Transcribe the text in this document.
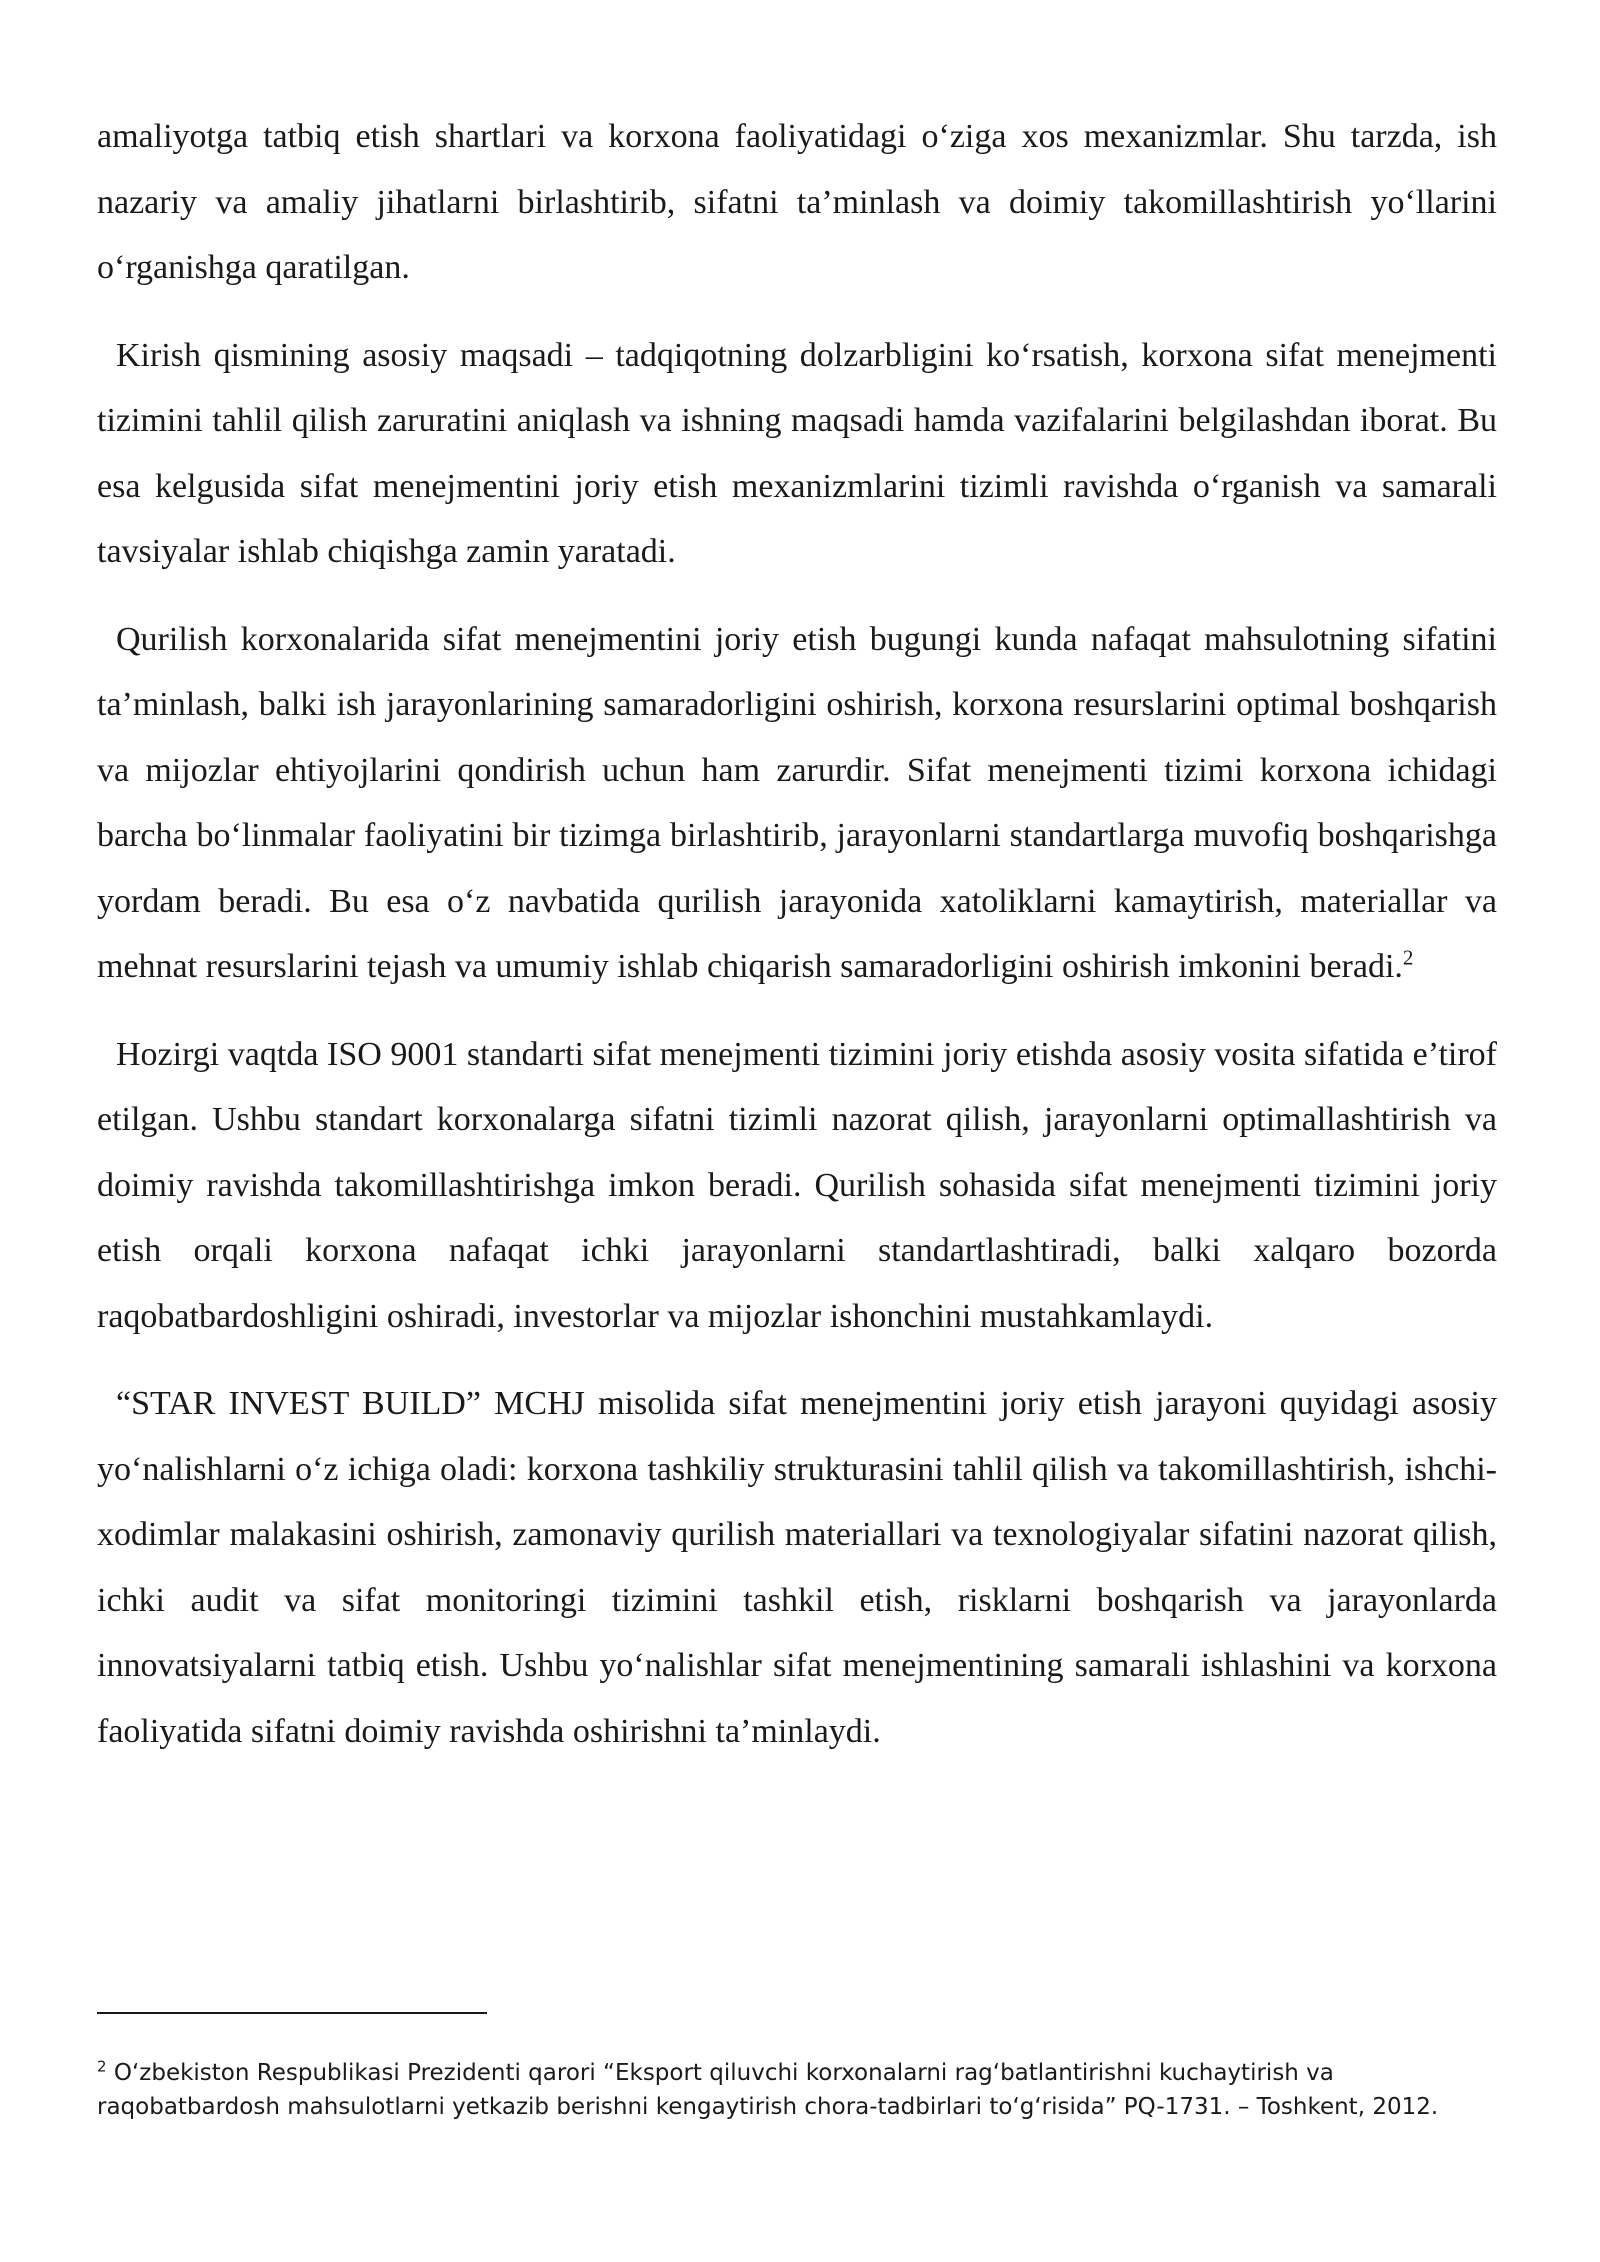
amaliyotga tatbiq etish shartlari va korxona faoliyatidagi o‘ziga xos mexanizmlar. Shu tarzda, ish nazariy va amaliy jihatlarni birlashtirib, sifatni ta’minlash va doimiy takomillashtirish yo‘llarini o‘rganishga qaratilgan.

Kirish qismining asosiy maqsadi – tadqiqotning dolzarbligini ko‘rsatish, korxona sifat menejmenti tizimini tahlil qilish zaruratini aniqlash va ishning maqsadi hamda vazifalarini belgilashdan iborat. Bu esa kelgusida sifat menejmentini joriy etish mexanizmlarini tizimli ravishda o‘rganish va samarali tavsiyalar ishlab chiqishga zamin yaratadi.

Qurilish korxonalarida sifat menejmentini joriy etish bugungi kunda nafaqat mahsulotning sifatini ta’minlash, balki ish jarayonlarining samaradorligini oshirish, korxona resurslarini optimal boshqarish va mijozlar ehtiyojlarini qondirish uchun ham zarurdir. Sifat menejmenti tizimi korxona ichidagi barcha bo‘linmalar faoliyatini bir tizimga birlashtirib, jarayonlarni standartlarga muvofiq boshqarishga yordam beradi. Bu esa o‘z navbatida qurilish jarayonida xatoliklarni kamaytirish, materiallar va mehnat resurslarini tejash va umumiy ishlab chiqarish samaradorligini oshirish imkonini beradi.$^2$

Hozirgi vaqtda ISO 9001 standarti sifat menejmenti tizimini joriy etishda asosiy vosita sifatida e’tirof etilgan. Ushbu standart korxonalarga sifatni tizimli nazorat qilish, jarayonlarni optimallashtirish va doimiy ravishda takomillashtirishga imkon beradi. Qurilish sohasida sifat menejmenti tizimini joriy etish orqali korxona nafaqat ichki jarayonlarni standartlashtiradi, balki xalqaro bozorda raqobatbardoshligini oshiradi, investorlar va mijozlar ishonchini mustahkamlaydi.

“STAR INVEST BUILD” MCHJ misolida sifat menejmentini joriy etish jarayoni quyidagi asosiy yo‘nalishlarni o‘z ichiga oladi: korxona tashkiliy strukturasini tahlil qilish va takomillashtirish, ishchi-xodimlar malakasini oshirish, zamonaviy qurilish materiallari va texnologiyalar sifatini nazorat qilish, ichki audit va sifat monitoringi tizimini tashkil etish, risklarni boshqarish va jarayonlarda innovatsiyalarni tatbiq etish. Ushbu yo‘nalishlar sifat menejmentining samarali ishlashini va korxona faoliyatida sifatni doimiy ravishda oshirishni ta’minlaydi.

$^2$ O‘zbekiston Respublikasi Prezidenti qarori “Eksport qiluvchi korxonalarni rag‘batlantirishni kuchaytirish va raqobatbardosh mahsulotlarni yetkazib berishni kengaytirish chora-tadbirlari to‘g‘risida” PQ-1731. – Toshkent, 2012.
